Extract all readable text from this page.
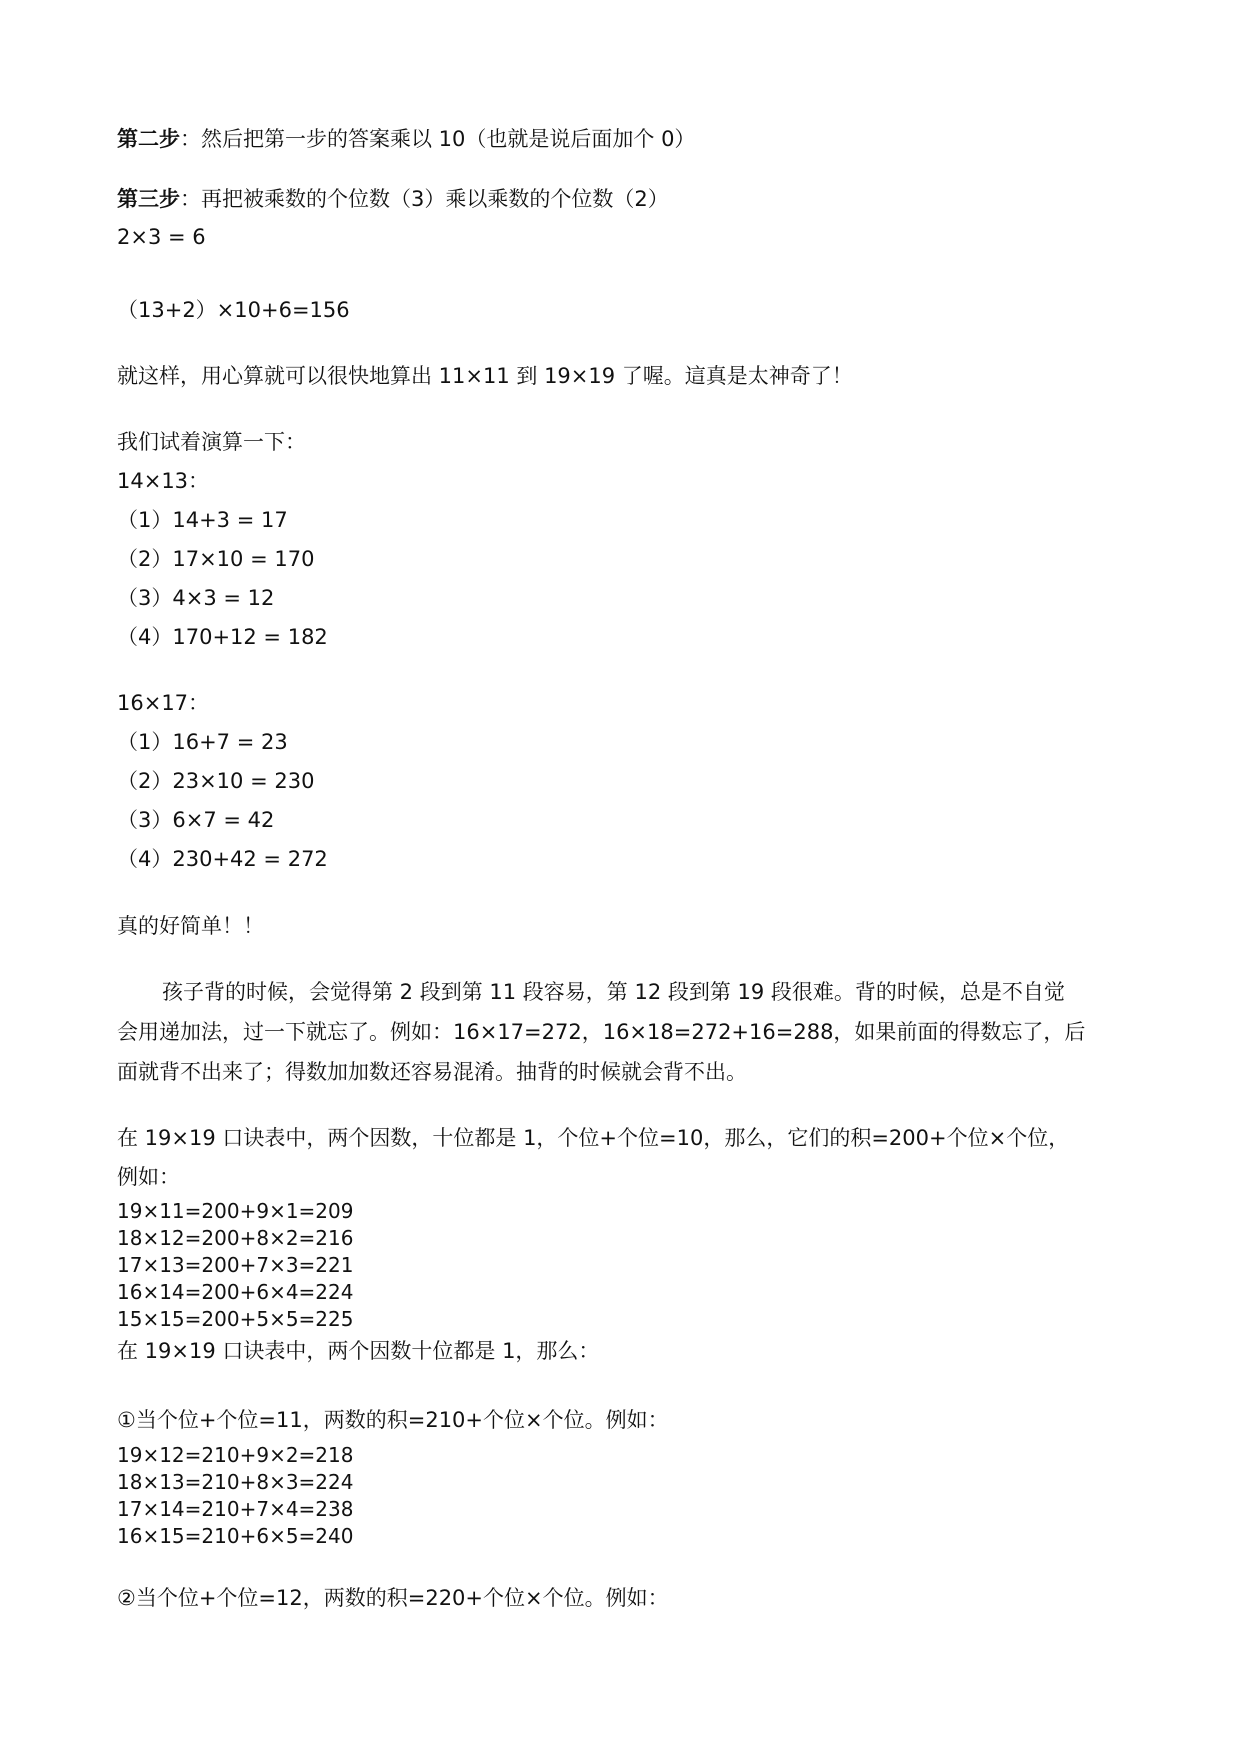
第二步：然后把第一步的答案乘以 10（也就是说后面加个 0）

第三步：再把被乘数的个位数（3）乘以乘数的个位数（2）

2×3 = 6

（13+2）×10+6=156

就这样，用心算就可以很快地算出 11×11 到 19×19 了喔。這真是太神奇了！

我们试着演算一下：

14×13：

（1）14+3 = 17

（2）17×10 = 170

（3）4×3 = 12

（4）170+12 = 182

16×17：

（1）16+7 = 23

（2）23×10 = 230

（3）6×7 = 42

（4）230+42 = 272

真的好简单！！

孩子背的时候，会觉得第 2 段到第 11 段容易，第 12 段到第 19 段很难。背的时候，总是不自觉

会用递加法，过一下就忘了。例如：16×17=272，16×18=272+16=288，如果前面的得数忘了，后

面就背不出来了；得数加加数还容易混淆。抽背的时候就会背不出。

在 19×19 口诀表中，两个因数，十位都是 1，个位+个位=10，那么，它们的积=200+个位×个位，

例如：

19×11=200+9×1=209

18×12=200+8×2=216

17×13=200+7×3=221

16×14=200+6×4=224

15×15=200+5×5=225

在 19×19 口诀表中，两个因数十位都是 1，那么：

①当个位+个位=11，两数的积=210+个位×个位。例如：

19×12=210+9×2=218

18×13=210+8×3=224

17×14=210+7×4=238

16×15=210+6×5=240

②当个位+个位=12，两数的积=220+个位×个位。例如：
